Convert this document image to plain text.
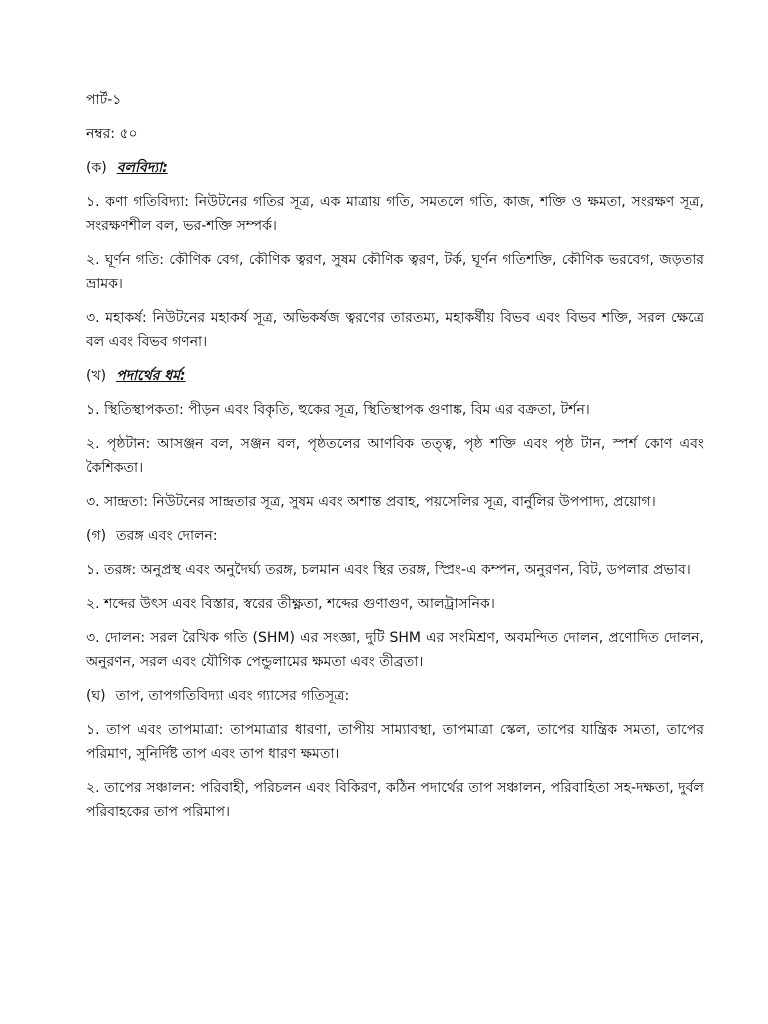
পার্ট-১
নম্বর: ৫০
(ক) বলবিদ্যা:
১. কণা গতিবিদ্যা: নিউটনের গতির সূত্র, এক মাত্রায় গতি, সমতলে গতি, কাজ, শক্তি ও ক্ষমতা, সংরক্ষণ সূত্র, সংরক্ষণশীল বল, ভর-শক্তি সম্পর্ক।
২. ঘূর্ণন গতি: কৌণিক বেগ, কৌণিক ত্বরণ, সুষম কৌণিক ত্বরণ, টর্ক, ঘূর্ণন গতিশক্তি, কৌণিক ভরবেগ, জড়তার ভ্রামক।
৩. মহাকর্ষ: নিউটনের মহাকর্ষ সূত্র, অভিকর্ষজ ত্বরণের তারতম্য, মহাকর্ষীয় বিভব এবং বিভব শক্তি, সরল ক্ষেত্রে বল এবং বিভব গণনা।
(খ) পদার্থের ধর্ম:
১. স্থিতিস্থাপকতা: পীড়ন এবং বিকৃতি, হুকের সূত্র, স্থিতিস্থাপক গুণাঙ্ক, বিম এর বক্রতা, টর্শন।
২. পৃষ্ঠটান: আসঞ্জন বল, সঞ্জন বল, পৃষ্ঠতলের আণবিক তত্ত্ব, পৃষ্ঠ শক্তি এবং পৃষ্ঠ টান, স্পর্শ কোণ এবং কৈশিকতা।
৩. সান্দ্রতা: নিউটনের সান্দ্রতার সূত্র, সুষম এবং অশান্ত প্রবাহ, পয়সেলির সূত্র, বার্নুলির উপপাদ্য, প্রয়োগ।
(গ) তরঙ্গ এবং দোলন:
১. তরঙ্গ: অনুপ্রস্থ এবং অনুদৈর্ঘ্য তরঙ্গ, চলমান এবং স্থির তরঙ্গ, স্প্রিং-এ কম্পন, অনুরণন, বিট, ডপলার প্রভাব।
২. শব্দের উৎস এবং বিস্তার, স্বরের তীক্ষ্ণতা, শব্দের গুণাগুণ, আলট্রাসনিক।
৩. দোলন: সরল রৈখিক গতি (SHM) এর সংজ্ঞা, দুটি SHM এর সংমিশ্রণ, অবমন্দিত দোলন, প্রণোদিত দোলন, অনুরণন, সরল এবং যৌগিক পেন্ডুলামের ক্ষমতা এবং তীব্রতা।
(ঘ) তাপ, তাপগতিবিদ্যা এবং গ্যাসের গতিসূত্র:
১. তাপ এবং তাপমাত্রা: তাপমাত্রার ধারণা, তাপীয় সাম্যাবস্থা, তাপমাত্রা স্কেল, তাপের যান্ত্রিক সমতা, তাপের পরিমাণ, সুনির্দিষ্ট তাপ এবং তাপ ধারণ ক্ষমতা।
২. তাপের সঞ্চালন: পরিবাহী, পরিচলন এবং বিকিরণ, কঠিন পদার্থের তাপ সঞ্চালন, পরিবাহিতা সহ-দক্ষতা, দুর্বল পরিবাহকের তাপ পরিমাপ।
